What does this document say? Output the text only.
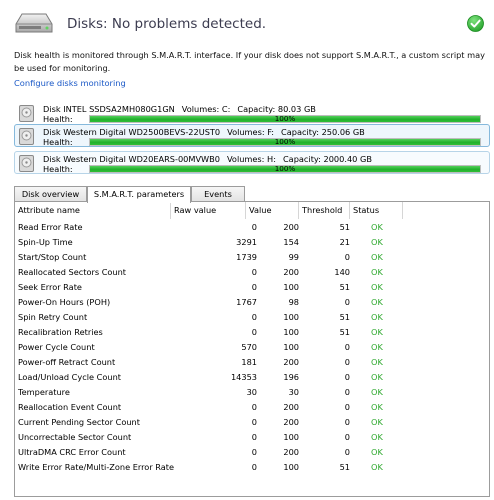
Disks: No problems detected.
Disk health is monitored through S.M.A.R.T. interface. If your disk does not support S.M.A.R.T., a custom script may be used for monitoring.
Configure disks monitoring
Disk INTEL SSDSA2MH080G1GN Volumes: C: Capacity: 80.03 GB
Health:	100%
Disk Western Digital WD2500BEVS-22UST0 Volumes: F: Capacity: 250.06 GB
Health:	100%
Disk Western Digital WD20EARS-00MVWB0 Volumes: H: Capacity: 2000.40 GB
Health:	100%
Disk overview	S.M.A.R.T. parameters	Events
Attribute name	Raw value	Value	Threshold	Status
Read Error Rate	0	200	51	OK
Spin-Up Time	3291	154	21	OK
Start/Stop Count	1739	99	0	OK
Reallocated Sectors Count	0	200	140	OK
Seek Error Rate	0	100	51	OK
Power-On Hours (POH)	1767	98	0	OK
Spin Retry Count	0	100	51	OK
Recalibration Retries	0	100	51	OK
Power Cycle Count	570	100	0	OK
Power-off Retract Count	181	200	0	OK
Load/Unload Cycle Count	14353	196	0	OK
Temperature	30	30	0	OK
Reallocation Event Count	0	200	0	OK
Current Pending Sector Count	0	200	0	OK
Uncorrectable Sector Count	0	100	0	OK
UltraDMA CRC Error Count	0	200	0	OK
Write Error Rate/Multi-Zone Error Rate	0	100	51	OK
